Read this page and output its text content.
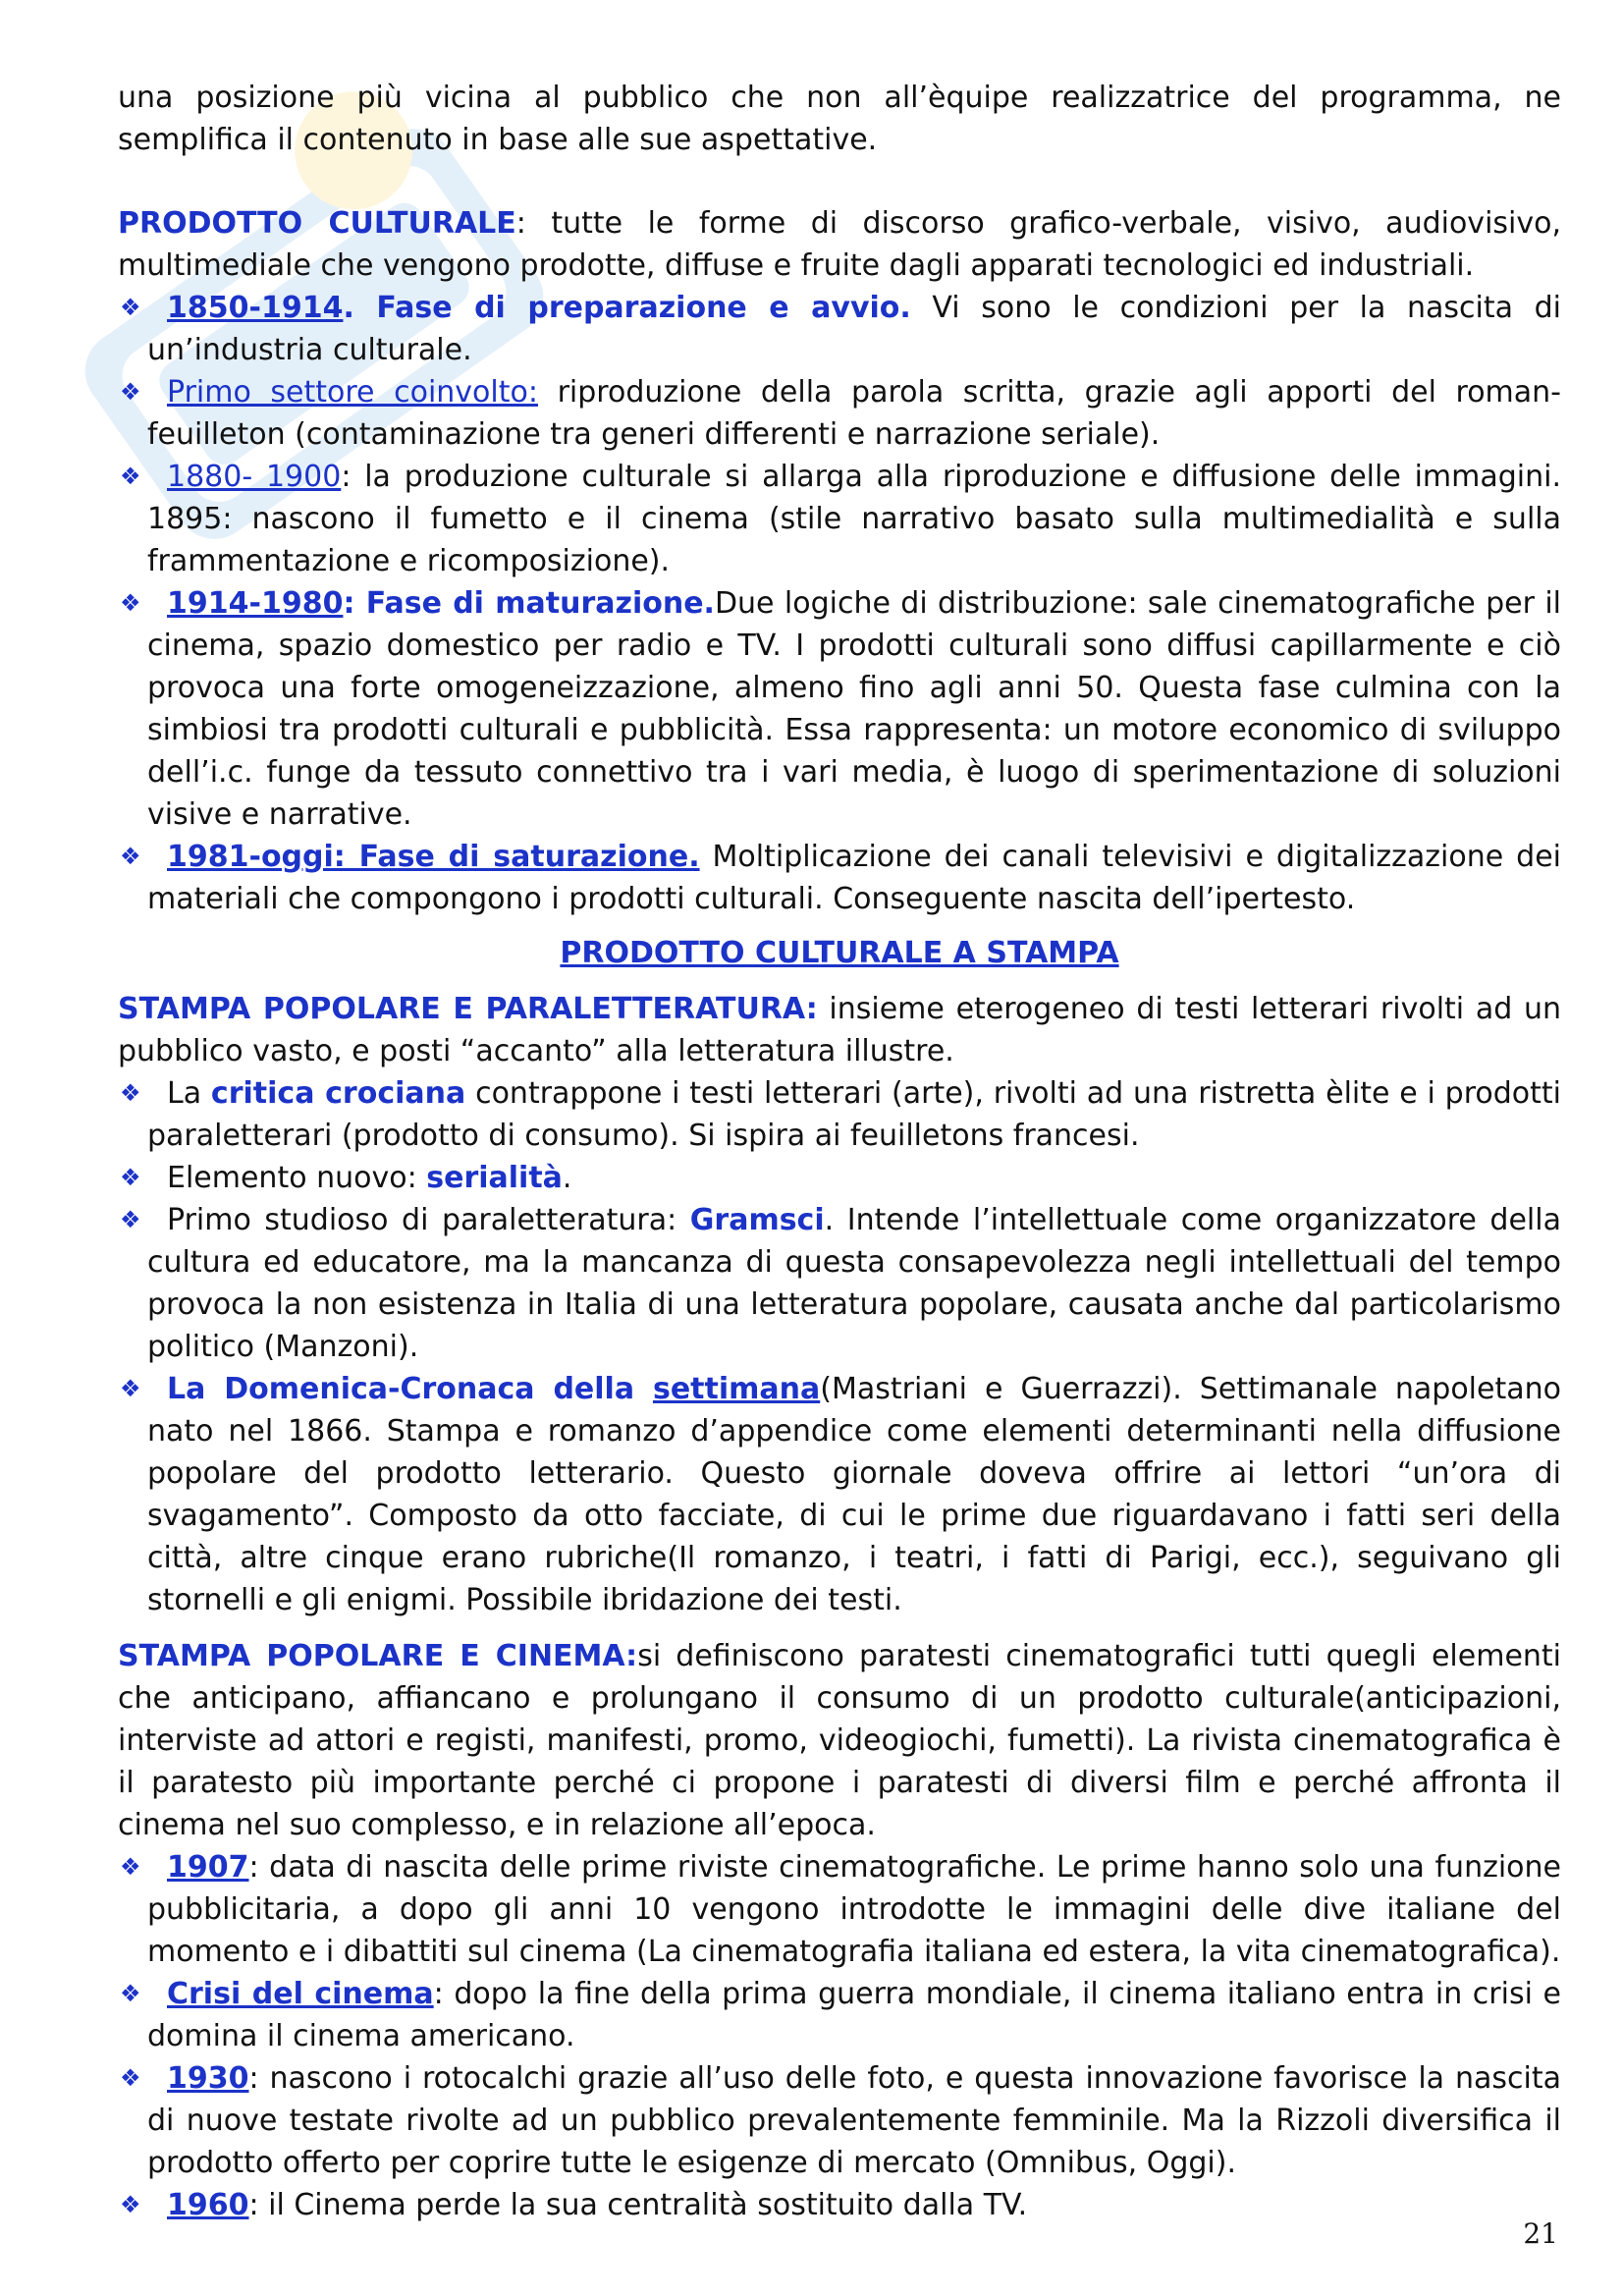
una posizione più vicina al pubblico che non all’èquipe realizzatrice del programma, ne semplifica il contenuto in base alle sue aspettative.

PRODOTTO CULTURALE: tutte le forme di discorso grafico-verbale, visivo, audiovisivo, multimediale che vengono prodotte, diffuse e fruite dagli apparati tecnologici ed industriali.

❖ 1850-1914. Fase di preparazione e avvio. Vi sono le condizioni per la nascita di un’industria culturale.
❖ Primo settore coinvolto: riproduzione della parola scritta, grazie agli apporti del roman-feuilleton (contaminazione tra generi differenti e narrazione seriale).
❖ 1880- 1900: la produzione culturale si allarga alla riproduzione e diffusione delle immagini. 1895: nascono il fumetto e il cinema (stile narrativo basato sulla multimedialità e sulla frammentazione e ricomposizione).
❖ 1914-1980: Fase di maturazione.Due logiche di distribuzione: sale cinematografiche per il cinema, spazio domestico per radio e TV. I prodotti culturali sono diffusi capillarmente e ciò provoca una forte omogeneizzazione, almeno fino agli anni 50. Questa fase culmina con la simbiosi tra prodotti culturali e pubblicità. Essa rappresenta: un motore economico di sviluppo dell’i.c. funge da tessuto connettivo tra i vari media, è luogo di sperimentazione di soluzioni visive e narrative.
❖ 1981-oggi: Fase di saturazione. Moltiplicazione dei canali televisivi e digitalizzazione dei materiali che compongono i prodotti culturali. Conseguente nascita dell’ipertesto.

PRODOTTO CULTURALE A STAMPA

STAMPA POPOLARE E PARALETTERATURA: insieme eterogeneo di testi letterari rivolti ad un pubblico vasto, e posti “accanto” alla letteratura illustre.

❖ La critica crociana contrappone i testi letterari (arte), rivolti ad una ristretta èlite e i prodotti paraletterari (prodotto di consumo). Si ispira ai feuilletons francesi.
❖ Elemento nuovo: serialità.
❖ Primo studioso di paraletteratura: Gramsci. Intende l’intellettuale come organizzatore della cultura ed educatore, ma la mancanza di questa consapevolezza negli intellettuali del tempo provoca la non esistenza in Italia di una letteratura popolare, causata anche dal particolarismo politico (Manzoni).
❖ La Domenica-Cronaca della settimana(Mastriani e Guerrazzi). Settimanale napoletano nato nel 1866. Stampa e romanzo d’appendice come elementi determinanti nella diffusione popolare del prodotto letterario. Questo giornale doveva offrire ai lettori “un’ora di svagamento”. Composto da otto facciate, di cui le prime due riguardavano i fatti seri della città, altre cinque erano rubriche(Il romanzo, i teatri, i fatti di Parigi, ecc.), seguivano gli stornelli e gli enigmi. Possibile ibridazione dei testi.

STAMPA POPOLARE E CINEMA:si definiscono paratesti cinematografici tutti quegli elementi che anticipano, affiancano e prolungano il consumo di un prodotto culturale(anticipazioni, interviste ad attori e registi, manifesti, promo, videogiochi, fumetti). La rivista cinematografica è il paratesto più importante perché ci propone i paratesti di diversi film e perché affronta il cinema nel suo complesso, e in relazione all’epoca.

❖ 1907: data di nascita delle prime riviste cinematografiche. Le prime hanno solo una funzione pubblicitaria, a dopo gli anni 10 vengono introdotte le immagini delle dive italiane del momento e i dibattiti sul cinema (La cinematografia italiana ed estera, la vita cinematografica).
❖ Crisi del cinema: dopo la fine della prima guerra mondiale, il cinema italiano entra in crisi e domina il cinema americano.
❖ 1930: nascono i rotocalchi grazie all’uso delle foto, e questa innovazione favorisce la nascita di nuove testate rivolte ad un pubblico prevalentemente femminile. Ma la Rizzoli diversifica il prodotto offerto per coprire tutte le esigenze di mercato (Omnibus, Oggi).
❖ 1960: il Cinema perde la sua centralità sostituito dalla TV.
21
